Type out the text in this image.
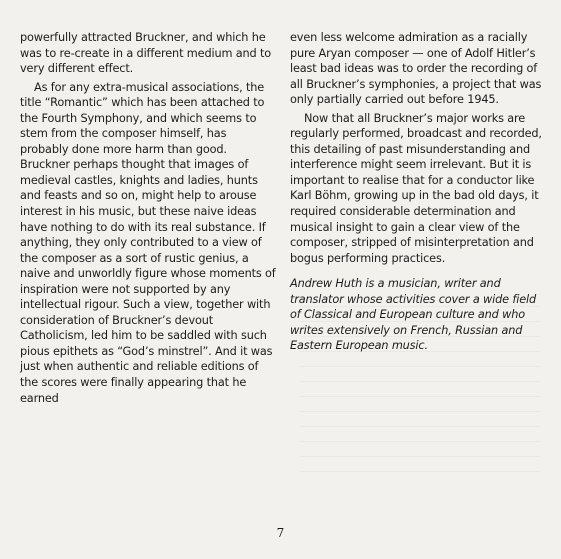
powerfully attracted Bruckner, and which he was to re-create in a different medium and to very different effect.

As for any extra-musical associations, the title “Romantic” which has been attached to the Fourth Symphony, and which seems to stem from the composer himself, has probably done more harm than good. Bruckner perhaps thought that images of medieval castles, knights and ladies, hunts and feasts and so on, might help to arouse interest in his music, but these naive ideas have nothing to do with its real substance. If anything, they only contributed to a view of the composer as a sort of rustic genius, a naive and unworldly figure whose moments of inspiration were not supported by any intellectual rigour. Such a view, together with consideration of Bruckner’s devout Catholicism, led him to be saddled with such pious epithets as “God’s minstrel”. And it was just when authentic and reliable editions of the scores were finally appearing that he earned

even less welcome admiration as a racially pure Aryan composer — one of Adolf Hitler’s least bad ideas was to order the recording of all Bruckner’s symphonies, a project that was only partially carried out before 1945.

Now that all Bruckner’s major works are regularly performed, broadcast and recorded, this detailing of past misunderstanding and interference might seem irrelevant. But it is important to realise that for a conductor like Karl Böhm, growing up in the bad old days, it required considerable determination and musical insight to gain a clear view of the composer, stripped of misinterpretation and bogus performing practices.

Andrew Huth is a musician, writer and translator whose activities cover a wide field of Classical and European culture and who writes extensively on French, Russian and Eastern European music.

7
